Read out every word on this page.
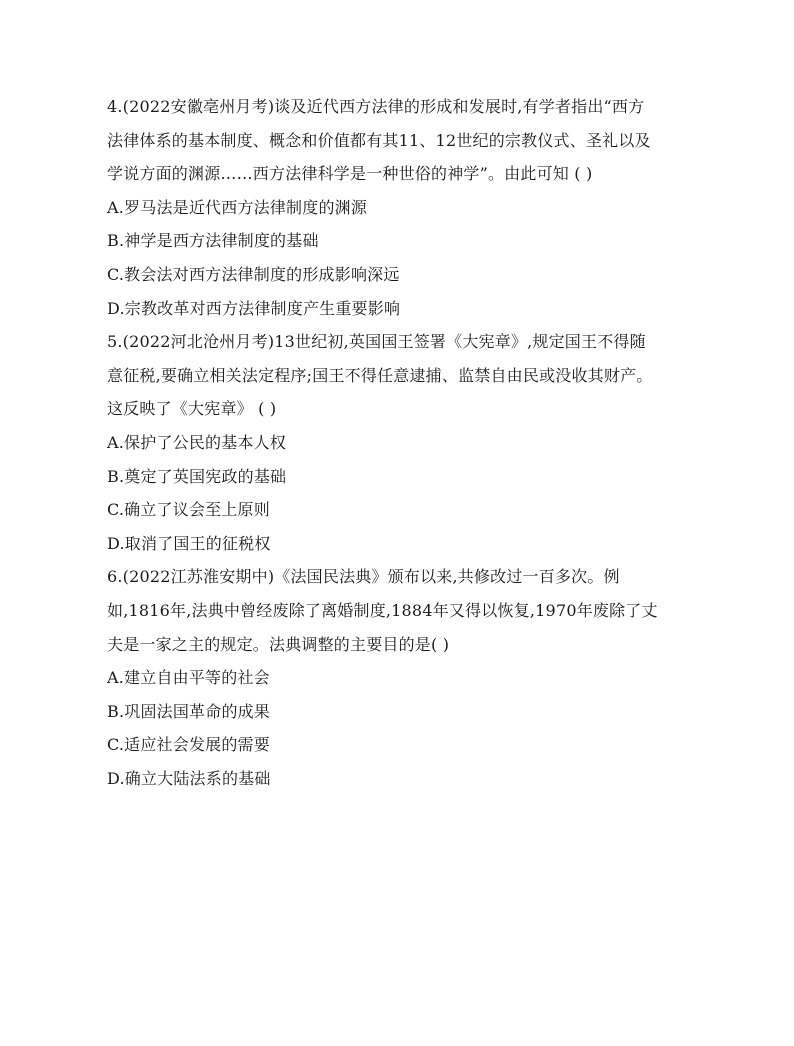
4.(2022安徽亳州月考)谈及近代西方法律的形成和发展时,有学者指出“西方
法律体系的基本制度、概念和价值都有其11、12世纪的宗教仪式、圣礼以及
学说方面的渊源……西方法律科学是一种世俗的神学”。由此可知 ( )
A.罗马法是近代西方法律制度的渊源
B.神学是西方法律制度的基础
C.教会法对西方法律制度的形成影响深远
D.宗教改革对西方法律制度产生重要影响
5.(2022河北沧州月考)13世纪初,英国国王签署《大宪章》,规定国王不得随
意征税,要确立相关法定程序;国王不得任意逮捕、监禁自由民或没收其财产。
这反映了《大宪章》 ( )
A.保护了公民的基本人权
B.奠定了英国宪政的基础
C.确立了议会至上原则
D.取消了国王的征税权
6.(2022江苏淮安期中)《法国民法典》颁布以来,共修改过一百多次。例
如,1816年,法典中曾经废除了离婚制度,1884年又得以恢复,1970年废除了丈
夫是一家之主的规定。法典调整的主要目的是( )
A.建立自由平等的社会
B.巩固法国革命的成果
C.适应社会发展的需要
D.确立大陆法系的基础
